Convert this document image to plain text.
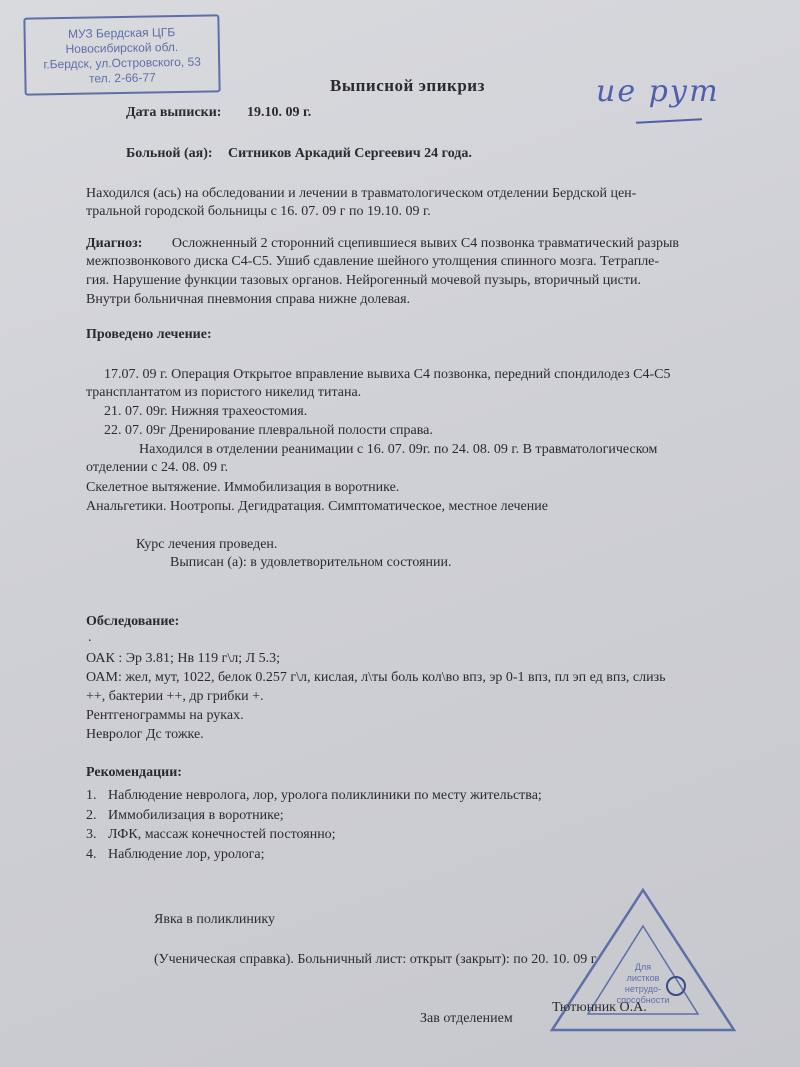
МУЗ Бердская ЦГБ
Новосибирской обл.
г.Бердск, ул.Островского, 53
тел. 2-66-77	Выписной эпикриз	ие рут
Дата выписки: 19.10. 09 г.
Больной (ая): Ситников Аркадий Сергеевич 24 года.
Находился (ась) на обследовании и лечении в травматологическом отделении Бердской цен-
тральной городской больницы с 16. 07. 09 г по 19.10. 09 г.
Диагноз: Осложненный 2 сторонний сцепившиеся вывих С4 позвонка травматический разрыв
межпозвонкового диска С4-С5. Ушиб сдавление шейного утолщения спинного мозга. Тетрапле-
гия. Нарушение функции тазовых органов. Нейрогенный мочевой пузырь, вторичный цисти.
Внутри больничная пневмония справа нижне долевая.
Проведено лечение:
17.07. 09 г. Операция Открытое вправление вывиха С4 позвонка, передний спондилодез С4-С5
трансплантатом из пористого никелид титана.
21. 07. 09г. Нижняя трахеостомия.
22. 07. 09г Дренирование плевральной полости справа.
Находился в отделении реанимации с 16. 07. 09г. по 24. 08. 09 г. В травматологическом
отделении с 24. 08. 09 г.
Скелетное вытяжение. Иммобилизация в воротнике.
Анальгетики. Ноотропы. Дегидратация. Симптоматическое, местное лечение
Курс лечения проведен.
Выписан (а): в удовлетворительном состоянии.
Обследование:
.
ОАК : Эр 3.81; Нв 119 г\л; Л 5.3;
ОАМ: жел, мут, 1022, белок 0.257 г\л, кислая, л\ты боль кол\во впз, эр 0-1 впз, пл эп ед впз, слизь
++, бактерии ++, др грибки +.
Рентгенограммы на руках.
Невролог Дс тожке.
Рекомендации:
1. Наблюдение невролога, лор, уролога поликлиники по месту жительства;
2. Иммобилизация в воротнике;
3. ЛФК, массаж конечностей постоянно;
4. Наблюдение лор, уролога;
Явка в поликлинику
(Ученическая справка). Больничный лист: открыт (закрыт): по 20. 10. 09 г.	Для
листков
нетрудо-
способности
Зав отделением
Тютюнник О.А.
